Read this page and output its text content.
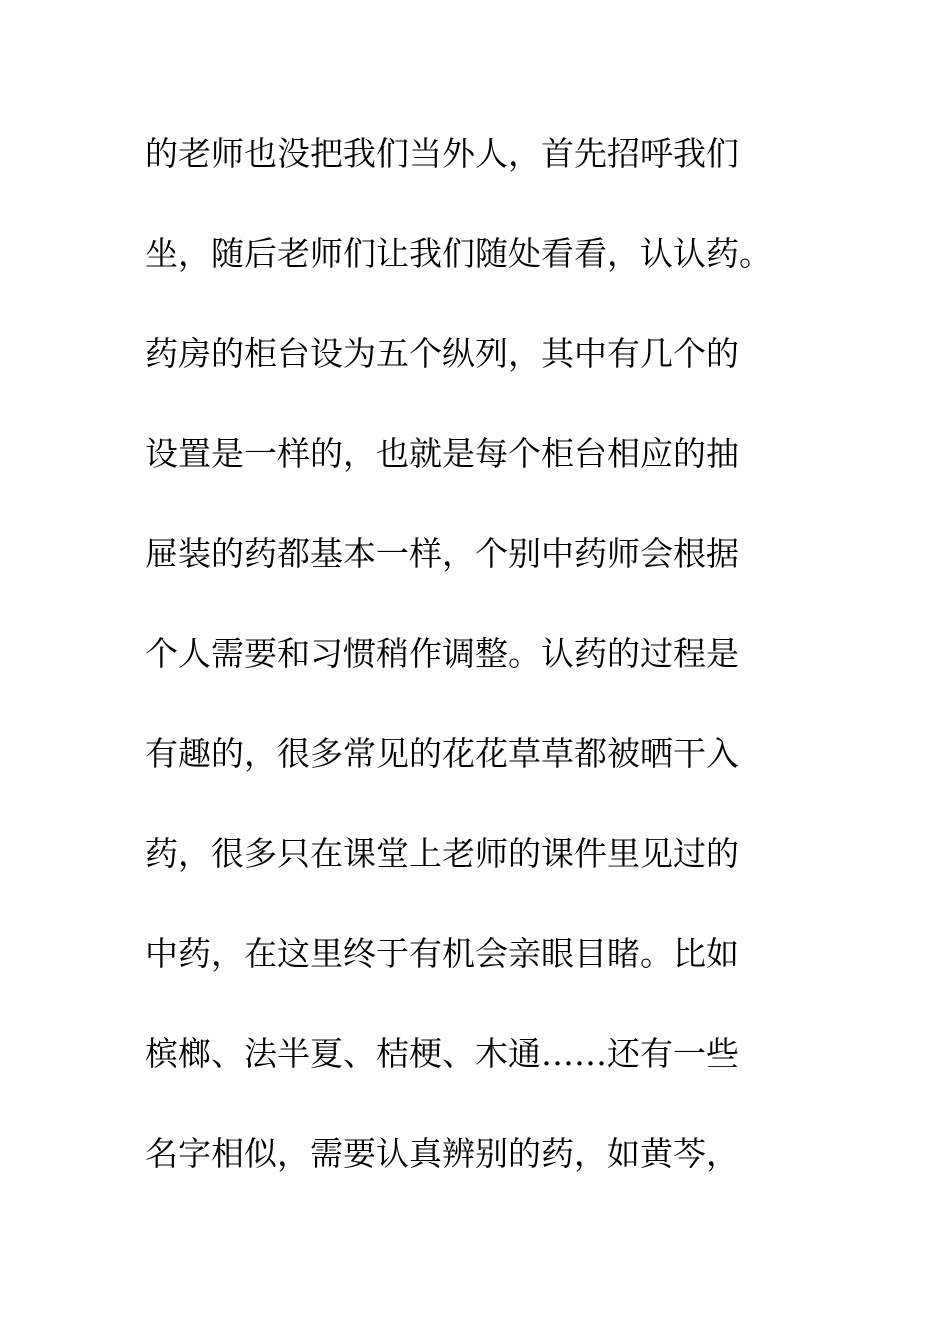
的老师也没把我们当外人，首先招呼我们
坐，随后老师们让我们随处看看，认认药。
药房的柜台设为五个纵列，其中有几个的
设置是一样的，也就是每个柜台相应的抽
屉装的药都基本一样，个别中药师会根据
个人需要和习惯稍作调整。认药的过程是
有趣的，很多常见的花花草草都被晒干入
药，很多只在课堂上老师的课件里见过的
中药，在这里终于有机会亲眼目睹。比如
槟榔、法半夏、桔梗、木通……还有一些
名字相似，需要认真辨别的药，如黄芩，
